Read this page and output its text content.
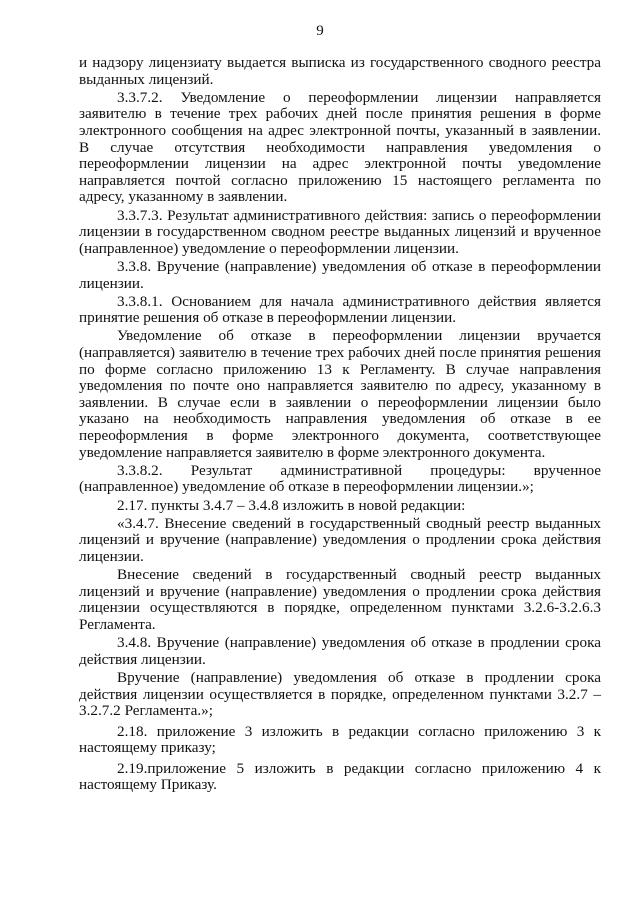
9

и надзору лицензиату выдается выписка из государственного сводного реестра выданных лицензий.

3.3.7.2. Уведомление о переоформлении лицензии направляется заявителю в течение трех рабочих дней после принятия решения в форме электронного сообщения на адрес электронной почты, указанный в заявлении. В случае отсутствия необходимости направления уведомления о переоформлении лицензии на адрес электронной почты уведомление направляется почтой согласно приложению 15 настоящего регламента по адресу, указанному в заявлении.

3.3.7.3. Результат административного действия: запись о переоформлении лицензии в государственном сводном реестре выданных лицензий и врученное (направленное) уведомление о переоформлении лицензии.

3.3.8. Вручение (направление) уведомления об отказе в переоформлении лицензии.

3.3.8.1. Основанием для начала административного действия является принятие решения об отказе в переоформлении лицензии.

Уведомление об отказе в переоформлении лицензии вручается (направляется) заявителю в течение трех рабочих дней после принятия решения по форме согласно приложению 13 к Регламенту. В случае направления уведомления по почте оно направляется заявителю по адресу, указанному в заявлении. В случае если в заявлении о переоформлении лицензии было указано на необходимость направления уведомления об отказе в ее переоформления в форме электронного документа, соответствующее уведомление направляется заявителю в форме электронного документа.

3.3.8.2. Результат административной процедуры: врученное (направленное) уведомление об отказе в переоформлении лицензии.»;

2.17. пункты 3.4.7 – 3.4.8 изложить в новой редакции:

«3.4.7. Внесение сведений в государственный сводный реестр выданных лицензий и вручение (направление) уведомления о продлении срока действия лицензии.

Внесение сведений в государственный сводный реестр выданных лицензий и вручение (направление) уведомления о продлении срока действия лицензии осуществляются в порядке, определенном пунктами 3.2.6-3.2.6.3 Регламента.

3.4.8. Вручение (направление) уведомления об отказе в продлении срока действия лицензии.

Вручение (направление) уведомления об отказе в продлении срока действия лицензии осуществляется в порядке, определенном пунктами 3.2.7 – 3.2.7.2 Регламента.»;

2.18. приложение 3 изложить в редакции согласно приложению 3 к настоящему приказу;

2.19.приложение 5 изложить в редакции согласно приложению 4 к настоящему Приказу.
